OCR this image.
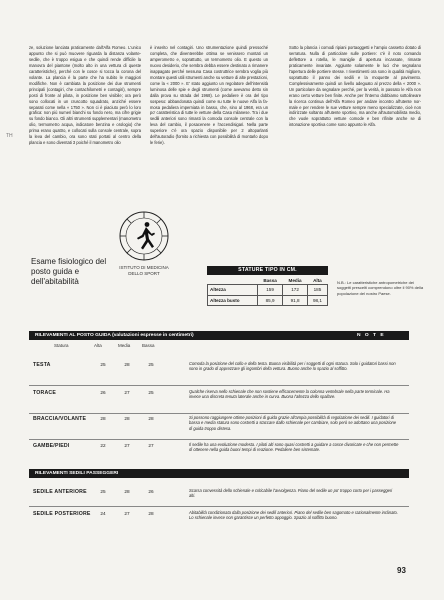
TH

ze, soluzione lanciata praticamente dall'Alfa Romeo. L'unico appunto che si può muovere riguarda la distanza volante-sedile, che è troppo esigua e che quindi rende difficile la manovra del piantone (molto alto in una vettura di queste caratteristiche), perché con le cosce si tocca la corona del volante. La plancia è la parte che ha subito le maggiori modifiche. Non è cambiata la posizione dei due strumenti principali (contagiri, che contachilometri e contagiri), sempre posti di fronte al pilota, in posizione ben visibile; ora però sono collocati in un cruscotto squadrato, anziché essere separati come nella « 1750 ». Non ci è piaciuto però lo loro grafica: non più numeri bianchi su fondo nero, ma cifre grigie su fondo bianco. Gli altri strumenti supplementari (manometro olio, termometro acqua, indicatore benzina e orologio) che prima erano quattro, e collocati sulla console centrale, sopra la leva del cambio, ora sono stati portati al centro della plancia e sono diventati 3 poiché il manometro olio

è inserito nel contagiri. Uno strumentazione quindi pressoché completa, che diventerebbe ottima se venissero montati un amperometro e, soprattutto, un termometro olio. E questo un nuovo desiderio, che sembra debba essere destinato a rimanere inappagato perché nessuna Casa costruttrice sembra voglia più montare questi utili strumenti anche su vetture di alte prestazioni, come la « 2000 ». E' stato aggiunto un regolatore dell'intensità luminosa delle spie e degli strumenti (come avevamo detto sin dalla prova su strada del 1968). Le pedaliere è ora del tipo sospeso: abbandonata quindi come su tutte le nuove Alfa la famosa pedaliera imperniata in basso, che, sino al 1968, era un po' caratteristica di tutte le vetture della Casa milanese. Tra i due sedili anteriori sono rimasti la comoda console centrale con la leva del cambio, il posacenere e l'accendisigari. Nella parte superiore c'è ora spazio disponibile per 2 altoparlanti dell'autoradio (fornito a richiesta con possibilità di montarlo dopo le ferie).

Sotto la plancia i comodi ripiani portaoggetti e l'ampio cassetto dotato di serratura. Nulla di particolare sulle portiere: c'è il noto comando deflettore a rotella, le maniglie di apertura incassate, rimaste praticamente invariate. Aggiunte solamente le luci che segnalano l'apertura delle portiere stesse. I rivestimenti ora sono in qualità migliore, soprattutto il panno dei sedili e la moquette al pavimento. Complessivamente quindi un livello adeguato al prezzo della « 2000 ». Un particolare da segnalare perché, per la verità, in passato le Alfa non erano certo vetture ben finite. Anche per l'interno dobbiamo sottolineare la ricerca continua dell'Alfa Romeo per andare incontro all'utente normale e per rendere le sue vetture sempre meno specializzate, cioè non indirizzate soltanto all'utente sportivo, ma anche all'automobilista medio, che vuole soprattutto vetture comode e ben rifinite anche se di intonazione sportiva come sono appunto le Alfa.

ISTITUTO DI MEDICINA DELLO SPORT
Esame fisiologico del posto guida e dell'abitabilità
STATURE TIPO IN CM.
	Bassa	Media	Alta
Altezza	159	172	185
Altezza busto	85,9	91,8	98,1
N.B.: Le caratteristiche antropometriche dei soggetti prescelti comprendono oltre il 90% della popolazione del nostro Paese.
RILEVAMENTI AL POSTO GUIDA (valutazioni espresse in centimetri)	N O T E
Statura	Alta	Media	Bassa
TESTA	25	28	25	Comoda la posizione del collo e della testa. Buona visibilità per i soggetti di ogni statura. Solo i guidatori bassi non sono in grado di apprezzare gli ingombri della vettura. Buono anche lo spazio al soffitto.
TORACE	26	27	25	Qualche riserva nello schienale che non sostiene efficacemente la colonna vertebrale nella parte terminale. Ha invece una discreta tenuta laterale anche in curva. Buona l'altezza dello spallare.
BRACCIA/VOLANTE	28	28	28	Si possono raggiungere ottime posizioni di guida grazie all'ampia possibilità di regolazione dei sedili. I guidatori di bassa e media statura sono costretti a staccare dallo schienale per cambiare, solo però se adottano una posizione di guida troppo distesa.
GAMBE/PIEDI	22	27	27	Il sedile ha una evoluzione modesta. I piloti alti sono quasi costretti a guidare a cosce divaricate e che non permette di ottenere nella guida buoni tempi di reazione. Pedaliere ben sistemate.
RILEVAMENTI SEDILI PASSEGGERI
SEDILE ANTERIORE	25	28	26	Scarsa convessità dello schienale e criticabile l'avvolgenza. Piano del sedile un po' troppo corto per i passeggeri alti.
SEDILE POSTERIORE	24	27	28	Abitabilità condizionata dalla posizione dei sedili anteriori. Piano del sedile ben sagomato e razionalmente inclinato. Lo schienale invece non garantisce un perfetto appoggio. Spazio al soffitto buono.
93
